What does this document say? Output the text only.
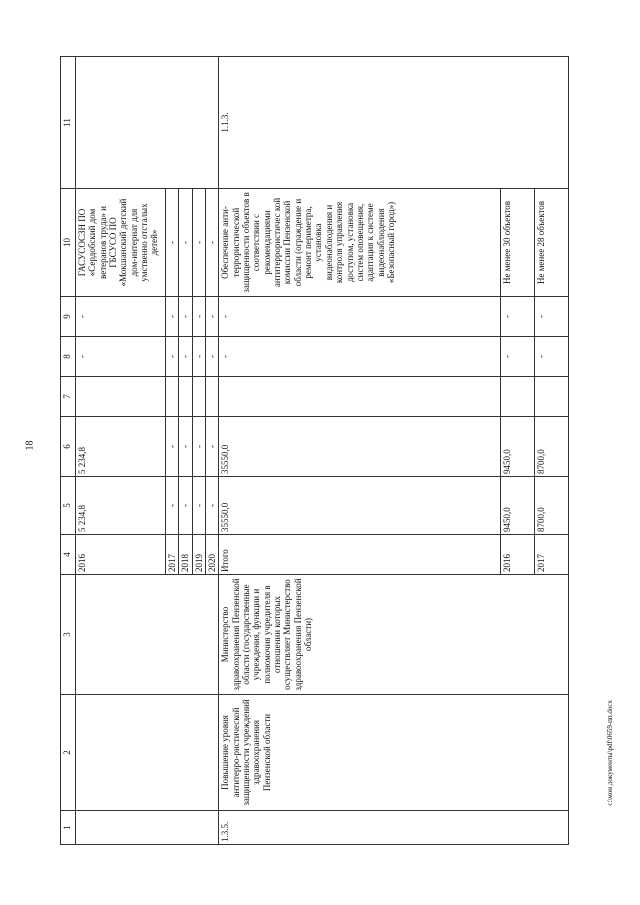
18
c:\мои документы\pdf\0659-пп.docx
1	2	3	4	5	6	7	8	9	10	11
			2016	5 234,8	5 234,8		-	-	ГАСУСОСЗН ПО «Сердобский дом ветеранов труда» и ГБСУСО ПО «Мокшанский детский дом-интернат для умственно отсталых детей»	
			2017	-	-		-	-	-	
			2018	-	-		-	-	-	
			2019	-	-		-	-	-	
			2020	-	-		-	-	-	
1.3.5.	Повышение уровня антитерро-ристической защищенности учреждений здравоохранения Пензенской области	Министерство здравоохранения Пензенской области (государственные учреждения, функции и полномочия учредителя в отношении которых осуществляет Министерство здравоохранения Пензенской области)	Итого	35550,0	35550,0		-	-	Обеспечение анти-террористической защищенности объектов в соответствии с рекомендациями антитеррористичес кой комиссии Пензенской области (ограждение и ремонт периметра, установка видеонаблюдения и контроля управления доступом, установка систем оповещения, адаптация к системе видеонаблюдения «Безопасный город»)	1.1.3.
			2016	9450,0	9450,0		-	-	Не менее 30 объектов	
			2017	8700,0	8700,0		-	-	Не менее 28 объектов	
